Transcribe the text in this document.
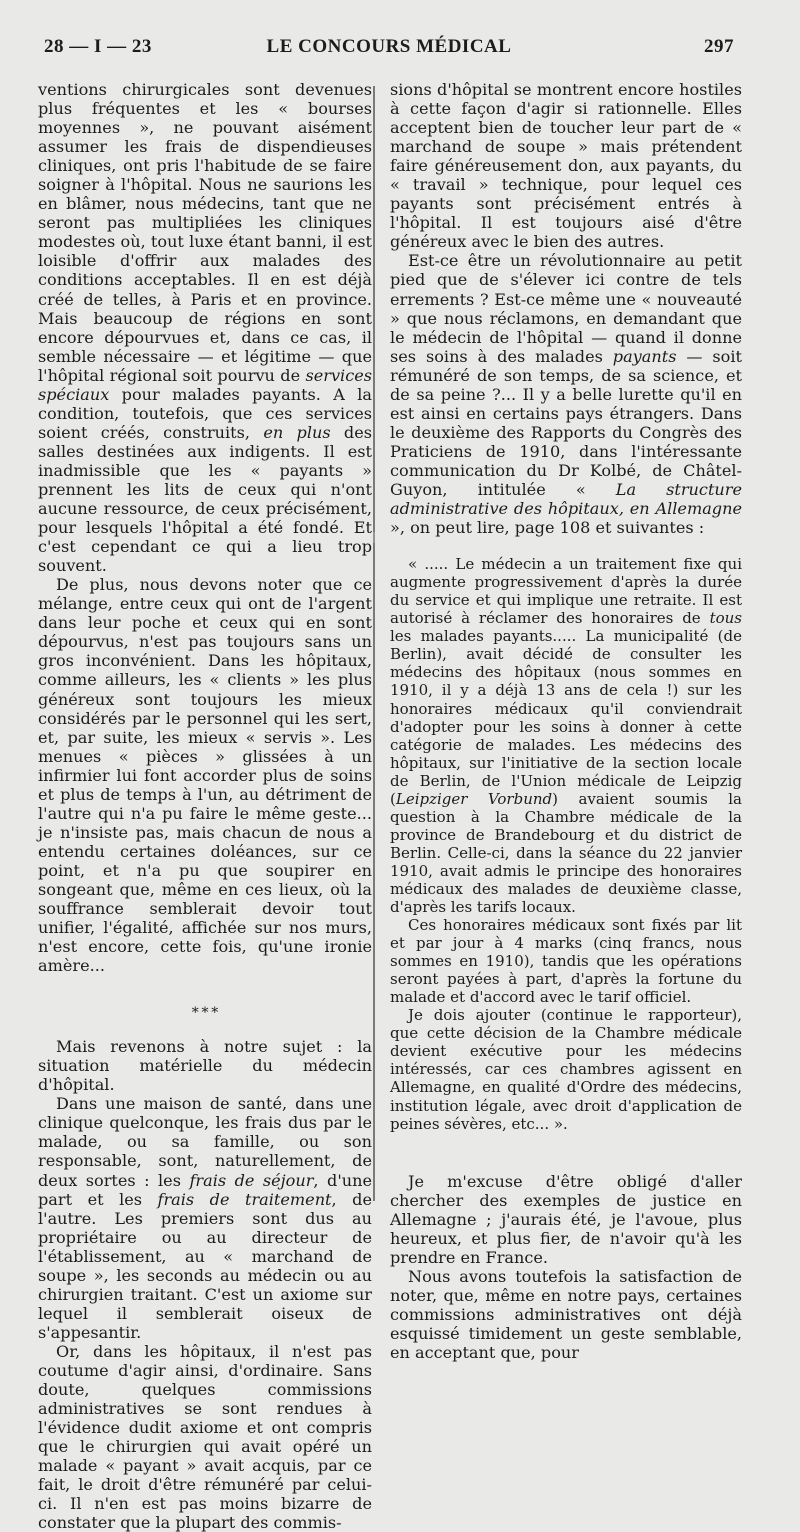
28 — I — 23	LE CONCOURS MÉDICAL	297

ventions chirurgicales sont devenues plus fréquentes et les « bourses moyennes », ne pouvant aisément assumer les frais de dispendieuses cliniques, ont pris l'habitude de se faire soigner à l'hôpital. Nous ne saurions les en blâmer, nous médecins, tant que ne seront pas multipliées les cliniques modestes où, tout luxe étant banni, il est loisible d'offrir aux malades des conditions acceptables. Il en est déjà créé de telles, à Paris et en province. Mais beaucoup de régions en sont encore dépourvues et, dans ce cas, il semble nécessaire — et légitime — que l'hôpital régional soit pourvu de services spéciaux pour malades payants. A la condition, toutefois, que ces services soient créés, construits, en plus des salles destinées aux indigents. Il est inadmissible que les « payants » prennent les lits de ceux qui n'ont aucune ressource, de ceux précisément, pour lesquels l'hôpital a été fondé. Et c'est cependant ce qui a lieu trop souvent.

De plus, nous devons noter que ce mélange, entre ceux qui ont de l'argent dans leur poche et ceux qui en sont dépourvus, n'est pas toujours sans un gros inconvénient. Dans les hôpitaux, comme ailleurs, les « clients » les plus généreux sont toujours les mieux considérés par le personnel qui les sert, et, par suite, les mieux « servis ». Les menues « pièces » glissées à un infirmier lui font accorder plus de soins et plus de temps à l'un, au détriment de l'autre qui n'a pu faire le même geste... je n'insiste pas, mais chacun de nous a entendu certaines doléances, sur ce point, et n'a pu que soupirer en songeant que, même en ces lieux, où la souffrance semblerait devoir tout unifier, l'égalité, affichée sur nos murs, n'est encore, cette fois, qu'une ironie amère...

* * *

Mais revenons à notre sujet : la situation matérielle du médecin d'hôpital.

Dans une maison de santé, dans une clinique quelconque, les frais dus par le malade, ou sa famille, ou son responsable, sont, naturellement, de deux sortes : les frais de séjour, d'une part et les frais de traitement, de l'autre. Les premiers sont dus au propriétaire ou au directeur de l'établissement, au « marchand de soupe », les seconds au médecin ou au chirurgien traitant. C'est un axiome sur lequel il semblerait oiseux de s'appesantir.

Or, dans les hôpitaux, il n'est pas coutume d'agir ainsi, d'ordinaire. Sans doute, quelques commissions administratives se sont rendues à l'évidence dudit axiome et ont compris que le chirurgien qui avait opéré un malade « payant » avait acquis, par ce fait, le droit d'être rémunéré par celui-ci. Il n'en est pas moins bizarre de constater que la plupart des commis-

sions d'hôpital se montrent encore hostiles à cette façon d'agir si rationnelle. Elles acceptent bien de toucher leur part de « marchand de soupe » mais prétendent faire généreusement don, aux payants, du « travail » technique, pour lequel ces payants sont précisément entrés à l'hôpital. Il est toujours aisé d'être généreux avec le bien des autres.

Est-ce être un révolutionnaire au petit pied que de s'élever ici contre de tels errements ? Est-ce même une « nouveauté » que nous réclamons, en demandant que le médecin de l'hôpital — quand il donne ses soins à des malades payants — soit rémunéré de son temps, de sa science, et de sa peine ?... Il y a belle lurette qu'il en est ainsi en certains pays étrangers. Dans le deuxième des Rapports du Congrès des Praticiens de 1910, dans l'intéressante communication du Dr Kolbé, de Châtel-Guyon, intitulée « La structure administrative des hôpitaux, en Allemagne », on peut lire, page 108 et suivantes :

« ..... Le médecin a un traitement fixe qui augmente progressivement d'après la durée du service et qui implique une retraite. Il est autorisé à réclamer des honoraires de tous les malades payants..... La municipalité (de Berlin), avait décidé de consulter les médecins des hôpitaux (nous sommes en 1910, il y a déjà 13 ans de cela !) sur les honoraires médicaux qu'il conviendrait d'adopter pour les soins à donner à cette catégorie de malades. Les médecins des hôpitaux, sur l'initiative de la section locale de Berlin, de l'Union médicale de Leipzig (Leipziger Vorbund) avaient soumis la question à la Chambre médicale de la province de Brandebourg et du district de Berlin. Celle-ci, dans la séance du 22 janvier 1910, avait admis le principe des honoraires médicaux des malades de deuxième classe, d'après les tarifs locaux.

Ces honoraires médicaux sont fixés par lit et par jour à 4 marks (cinq francs, nous sommes en 1910), tandis que les opérations seront payées à part, d'après la fortune du malade et d'accord avec le tarif officiel.

Je dois ajouter (continue le rapporteur), que cette décision de la Chambre médicale devient exécutive pour les médecins intéressés, car ces chambres agissent en Allemagne, en qualité d'Ordre des médecins, institution légale, avec droit d'application de peines sévères, etc... ».

Je m'excuse d'être obligé d'aller chercher des exemples de justice en Allemagne ; j'aurais été, je l'avoue, plus heureux, et plus fier, de n'avoir qu'à les prendre en France.

Nous avons toutefois la satisfaction de noter, que, même en notre pays, certaines commissions administratives ont déjà esquissé timidement un geste semblable, en acceptant que, pour
